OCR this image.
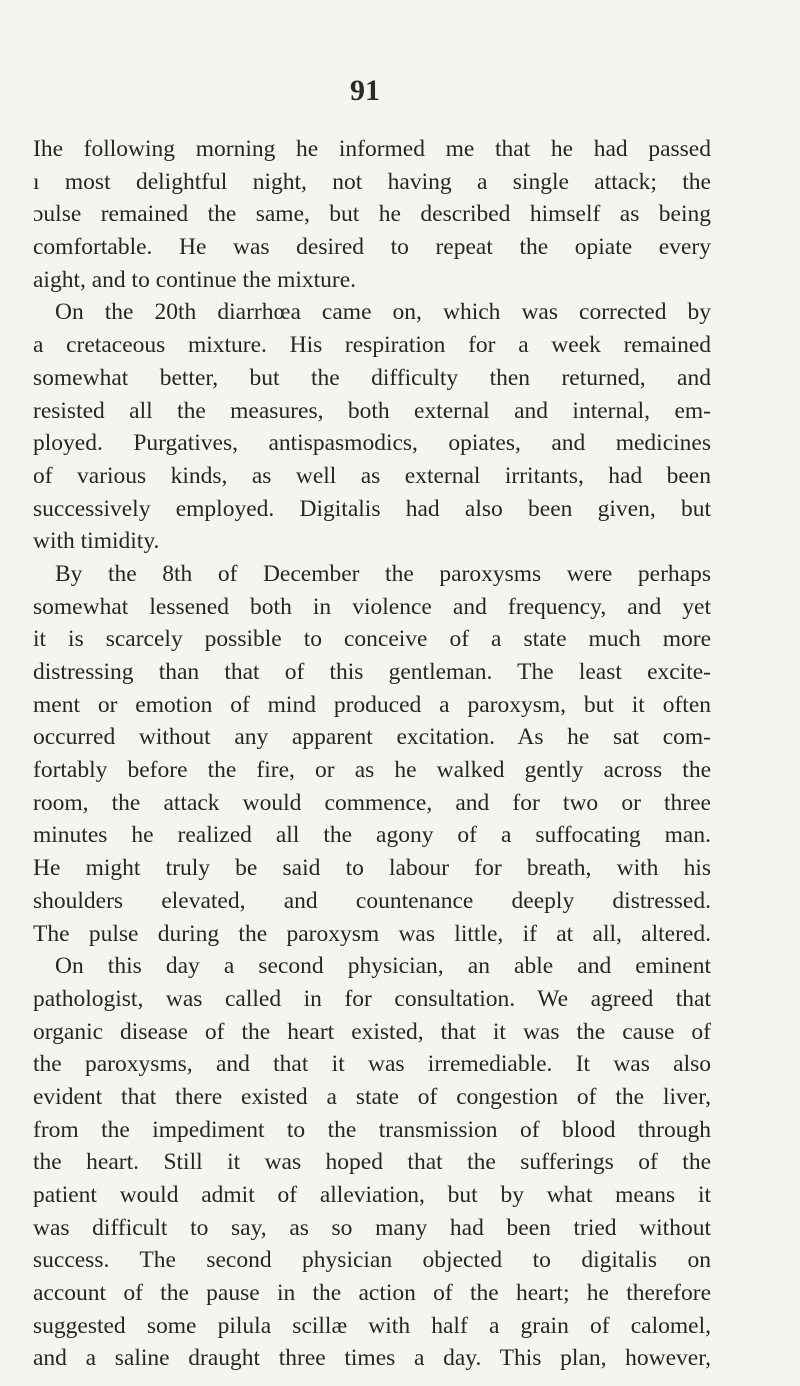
91
Ihe following morning he informed me that he had passed
ı most delightful night, not having a single attack; the
ɔulse remained the same, but he described himself as being
comfortable. He was desired to repeat the opiate every
aight, and to continue the mixture.
On the 20th diarrhœa came on, which was corrected by
a cretaceous mixture. His respiration for a week remained
somewhat better, but the difficulty then returned, and
resisted all the measures, both external and internal, em-
ployed. Purgatives, antispasmodics, opiates, and medicines
of various kinds, as well as external irritants, had been
successively employed. Digitalis had also been given, but
with timidity.
By the 8th of December the paroxysms were perhaps
somewhat lessened both in violence and frequency, and yet
it is scarcely possible to conceive of a state much more
distressing than that of this gentleman. The least excite-
ment or emotion of mind produced a paroxysm, but it often
occurred without any apparent excitation. As he sat com-
fortably before the fire, or as he walked gently across the
room, the attack would commence, and for two or three
minutes he realized all the agony of a suffocating man.
He might truly be said to labour for breath, with his
shoulders elevated, and countenance deeply distressed.
The pulse during the paroxysm was little, if at all, altered.
On this day a second physician, an able and eminent
pathologist, was called in for consultation. We agreed that
organic disease of the heart existed, that it was the cause of
the paroxysms, and that it was irremediable. It was also
evident that there existed a state of congestion of the liver,
from the impediment to the transmission of blood through
the heart. Still it was hoped that the sufferings of the
patient would admit of alleviation, but by what means it
was difficult to say, as so many had been tried without
success. The second physician objected to digitalis on
account of the pause in the action of the heart; he therefore
suggested some pilula scillæ with half a grain of calomel,
and a saline draught three times a day. This plan, however,
